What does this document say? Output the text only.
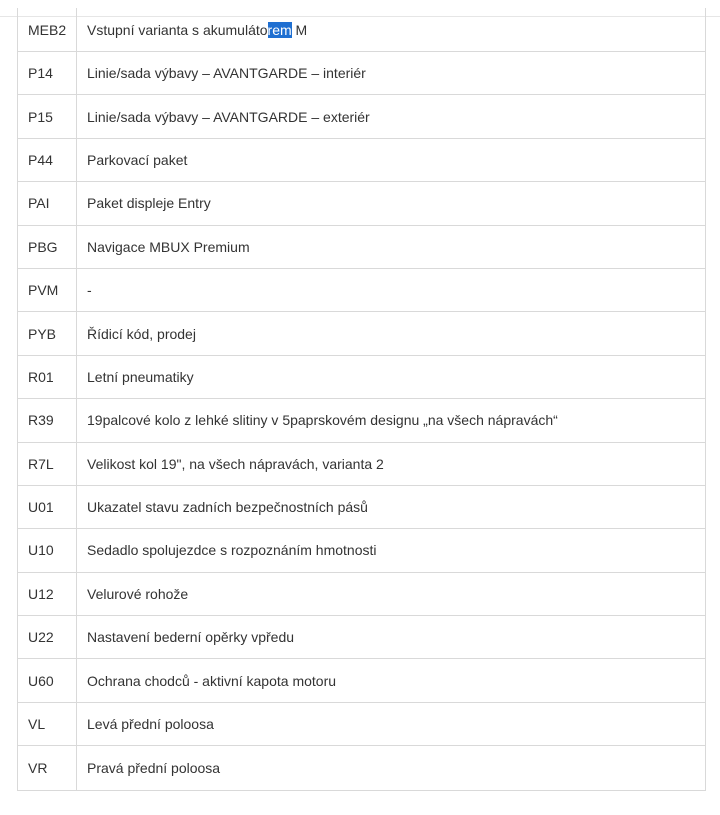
MEB2	Vstupní varianta s akumuláto rem M
P14	Linie/sada výbavy – AVANTGARDE – interiér
P15	Linie/sada výbavy – AVANTGARDE – exteriér
P44	Parkovací paket
PAI	Paket displeje Entry
PBG	Navigace MBUX Premium
PVM	-
PYB	Řídicí kód, prodej
R01	Letní pneumatiky
R39	19palcové kolo z lehké slitiny v 5paprskovém designu „na všech nápravách“
R7L	Velikost kol 19", na všech nápravách, varianta 2
U01	Ukazatel stavu zadních bezpečnostních pásů
U10	Sedadlo spolujezdce s rozpoznáním hmotnosti
U12	Velurové rohože
U22	Nastavení bederní opěrky vpředu
U60	Ochrana chodců - aktivní kapota motoru
VL	Levá přední poloosa
VR	Pravá přední poloosa
